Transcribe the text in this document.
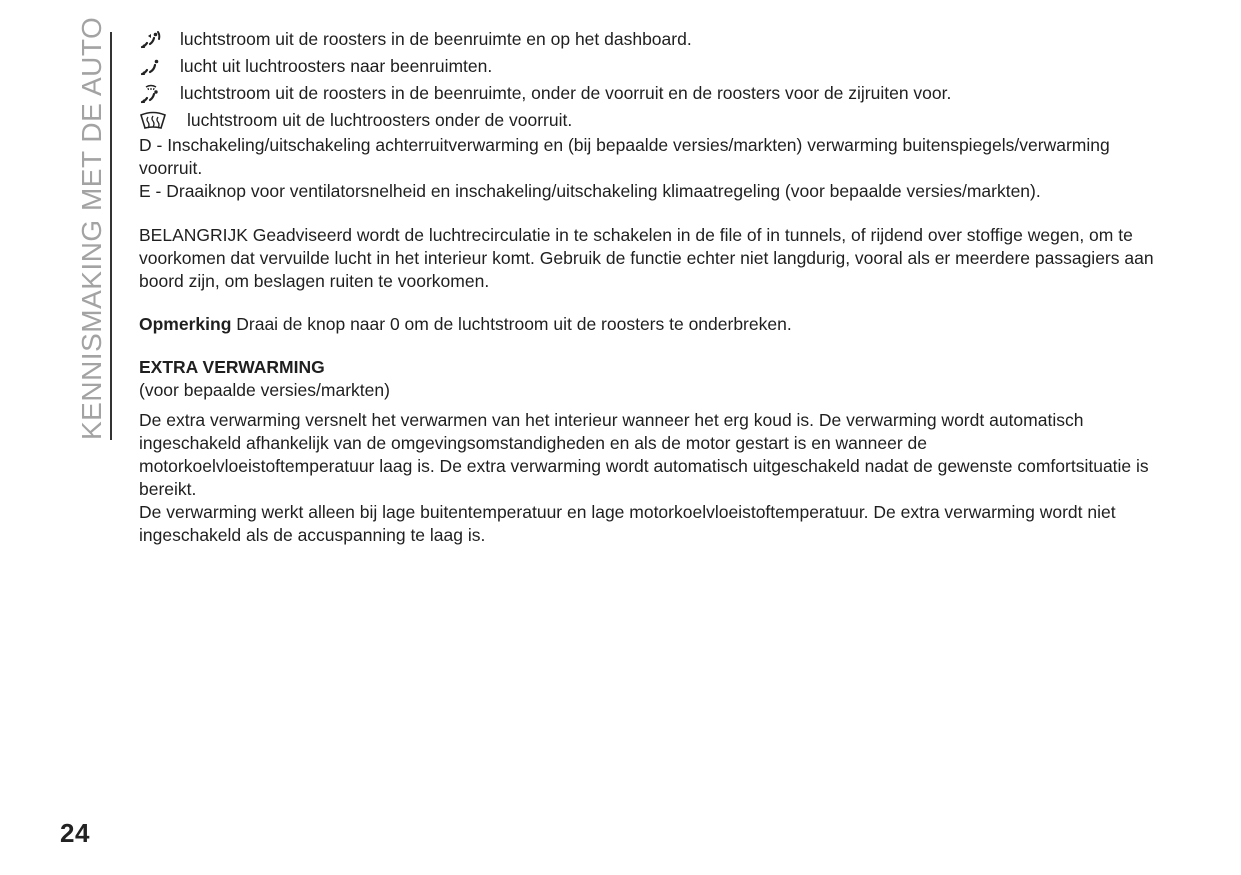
KENNISMAKING MET DE AUTO	luchtstroom uit de roosters in de beenruimte en op het dashboard.
lucht uit luchtroosters naar beenruimten.
luchtstroom uit de roosters in de beenruimte, onder de voorruit en de roosters voor de zijruiten voor.
luchtstroom uit de luchtroosters onder de voorruit.

D - Inschakeling/uitschakeling achterruitverwarming en (bij bepaalde versies/markten) verwarming buitenspiegels/verwarming voorruit.

E - Draaiknop voor ventilatorsnelheid en inschakeling/uitschakeling klimaatregeling (voor bepaalde versies/markten).

BELANGRIJK Geadviseerd wordt de luchtrecirculatie in te schakelen in de file of in tunnels, of rijdend over stoffige wegen, om te voorkomen dat vervuilde lucht in het interieur komt. Gebruik de functie echter niet langdurig, vooral als er meerdere passagiers aan boord zijn, om beslagen ruiten te voorkomen.

Opmerking Draai de knop naar 0 om de luchtstroom uit de roosters te onderbreken.

EXTRA VERWARMING

(voor bepaalde versies/markten)

De extra verwarming versnelt het verwarmen van het interieur wanneer het erg koud is. De verwarming wordt automatisch ingeschakeld afhankelijk van de omgevingsomstandigheden en als de motor gestart is en wanneer de motorkoelvloeistoftemperatuur laag is. De extra verwarming wordt automatisch uitgeschakeld nadat de gewenste comfortsituatie is bereikt.

De verwarming werkt alleen bij lage buitentemperatuur en lage motorkoelvloeistoftemperatuur. De extra verwarming wordt niet ingeschakeld als de accuspanning te laag is.

24
